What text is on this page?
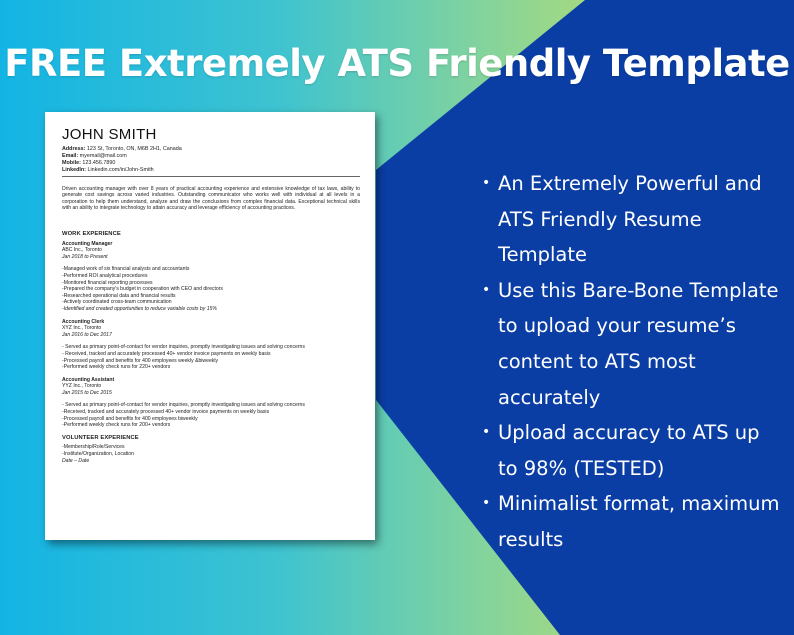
FREE Extremely ATS Friendly Template
JOHN SMITH
Address: 123 St, Toronto, ON, M6B 2H1, Canada
Email: myemail@mail.com
Mobile: 123.456.7890
LinkedIn: Linkedin.com/in/John-Smith
Driven accounting manager with over 8 years of practical accounting experience and extensive knowledge of tax laws, ability to generate cost savings across varied industries. Outstanding communicator who works well with individual at all levels in a corporation to help them understand, analyze and draw the conclusions from complex financial data. Exceptional technical skills with an ability to integrate technology to attain accuracy and leverage efficiency of accounting practices.
WORK EXPERIENCE
Accounting Manager
ABC Inc., Toronto
Jan 2018 to Present
-Managed work of six financial analysts and accountants
-Performed ROI analytical procedures
-Monitored financial reporting processes
-Prepared the company's budget in cooperation with CEO and directors
-Researched operational data and financial results
-Actively coordinated cross-team communication
-Identified and created opportunities to reduce variable costs by 15%
Accounting Clerk
XYZ Inc., Toronto
Jan 2016 to Dec 2017
- Served as primary point-of-contact for vendor inquiries, promptly investigating issues and solving concerns
- Received, tracked and accurately processed 40+ vendor invoice payments on weekly basis
-Processed payroll and benefits for 400 employees weekly &biweekly
-Performed weekly check runs for 220+ vendors
Accounting Assistant
YYZ Inc., Toronto
Jan 2015 to Dec 2015
- Served as primary point-of-contact for vendor inquiries, promptly investigating issues and solving concerns
-Received, tracked and accurately processed 40+ vendor invoice payments on weekly basis
-Processed payroll and benefits for 400 employees biweekly
-Performed weekly check runs for 200+ vendors
VOLUNTEER EXPERIENCE
-Membership/Role/Services
-Institute/Organization, Location
Date – Date
• An Extremely Powerful and ATS Friendly Resume Template
• Use this Bare-Bone Template to upload your resume’s content to ATS most accurately
• Upload accuracy to ATS up to 98% (TESTED)
• Minimalist format, maximum results
